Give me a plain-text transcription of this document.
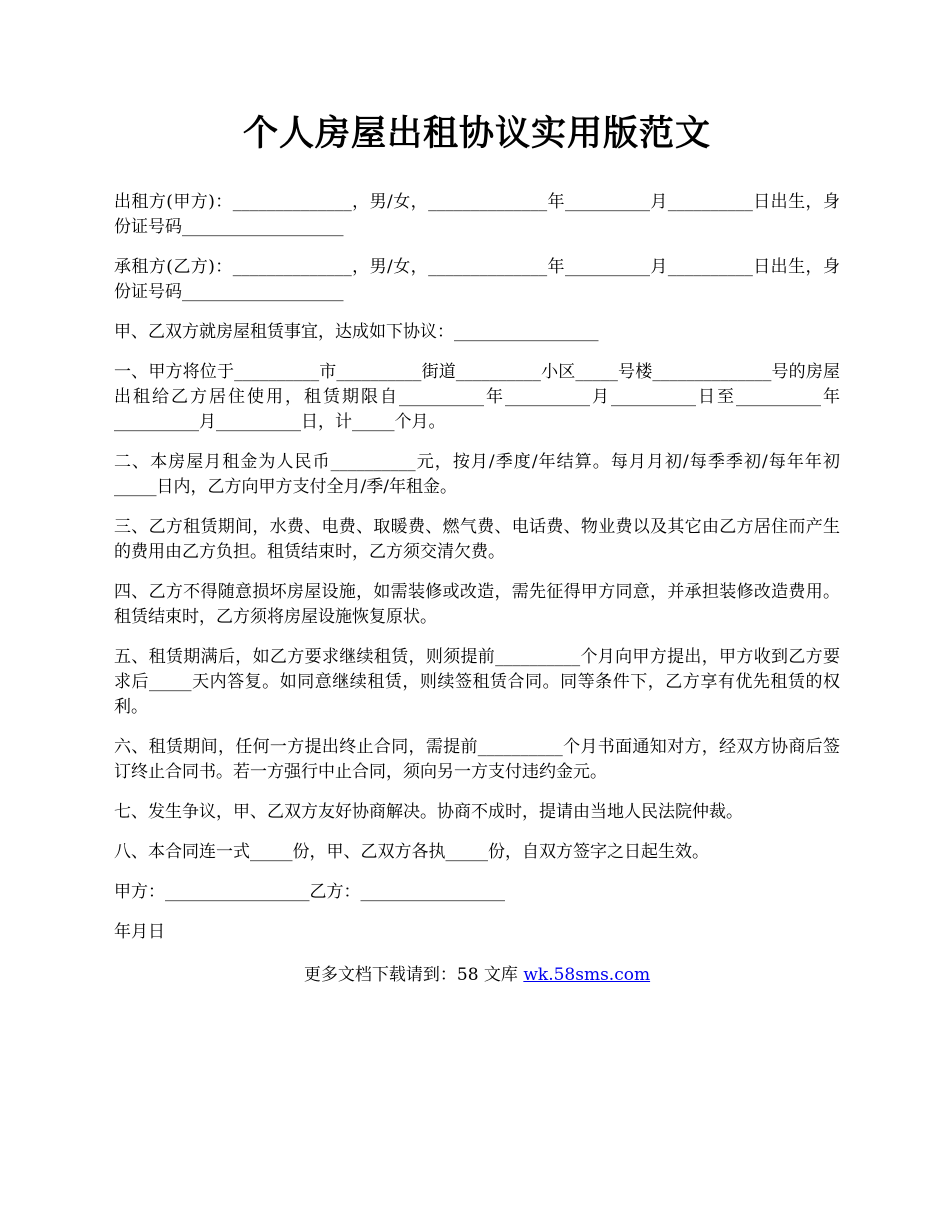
个人房屋出租协议实用版范文

出租方(甲方)：______________，男/女，______________年__________月__________日出生，身份证号码___________________

承租方(乙方)：______________，男/女，______________年__________月__________日出生，身份证号码___________________

甲、乙双方就房屋租赁事宜，达成如下协议：_________________

一、甲方将位于__________市__________街道__________小区_____号楼______________号的房屋出租给乙方居住使用，租赁期限自__________年__________月__________日至__________年__________月__________日，计_____个月。

二、本房屋月租金为人民币__________元，按月/季度/年结算。每月月初/每季季初/每年年初_____日内，乙方向甲方支付全月/季/年租金。

三、乙方租赁期间，水费、电费、取暖费、燃气费、电话费、物业费以及其它由乙方居住而产生的费用由乙方负担。租赁结束时，乙方须交清欠费。

四、乙方不得随意损坏房屋设施，如需装修或改造，需先征得甲方同意，并承担装修改造费用。租赁结束时，乙方须将房屋设施恢复原状。

五、租赁期满后，如乙方要求继续租赁，则须提前__________个月向甲方提出，甲方收到乙方要求后_____天内答复。如同意继续租赁，则续签租赁合同。同等条件下，乙方享有优先租赁的权利。

六、租赁期间，任何一方提出终止合同，需提前__________个月书面通知对方，经双方协商后签订终止合同书。若一方强行中止合同，须向另一方支付违约金元。

七、发生争议，甲、乙双方友好协商解决。协商不成时，提请由当地人民法院仲裁。

八、本合同连一式_____份，甲、乙双方各执_____份，自双方签字之日起生效。

甲方：_________________乙方：_________________

年月日
更多文档下载请到：58 文库 wk.58sms.com
